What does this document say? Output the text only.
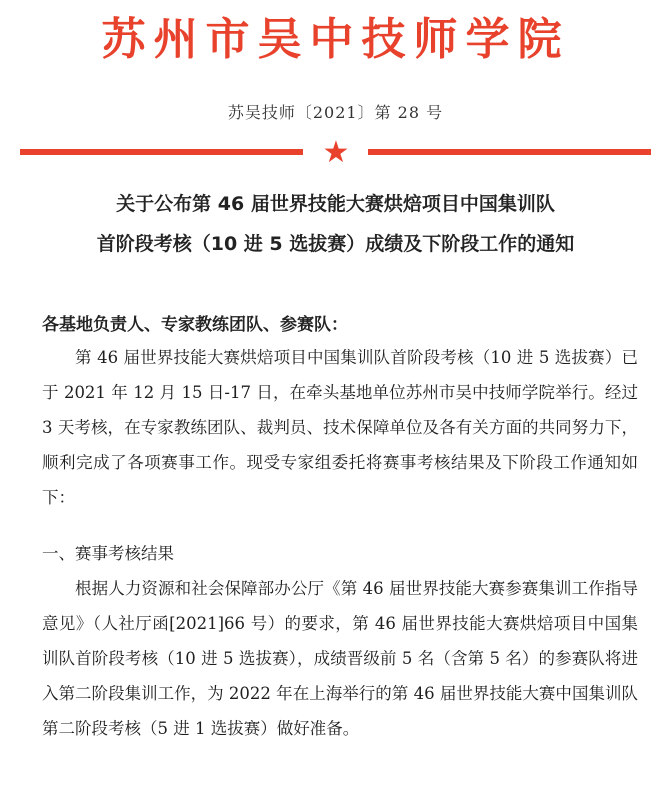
苏州市吴中技师学院
苏吴技师〔2021〕第 28 号
★
关于公布第 46 届世界技能大赛烘焙项目中国集训队
首阶段考核（10 进 5 选拔赛）成绩及下阶段工作的通知
各基地负责人、专家教练团队、参赛队：
第 46 届世界技能大赛烘焙项目中国集训队首阶段考核（10 进 5 选拔赛）已于 2021 年 12 月 15 日-17 日，在牵头基地单位苏州市吴中技师学院举行。经过 3 天考核，在专家教练团队、裁判员、技术保障单位及各有关方面的共同努力下，顺利完成了各项赛事工作。现受专家组委托将赛事考核结果及下阶段工作通知如下：
一、赛事考核结果
根据人力资源和社会保障部办公厅《第 46 届世界技能大赛参赛集训工作指导意见》（人社厅函[2021]66 号）的要求，第 46 届世界技能大赛烘焙项目中国集训队首阶段考核（10 进 5 选拔赛），成绩晋级前 5 名（含第 5 名）的参赛队将进入第二阶段集训工作，为 2022 年在上海举行的第 46 届世界技能大赛中国集训队第二阶段考核（5 进 1 选拔赛）做好准备。
